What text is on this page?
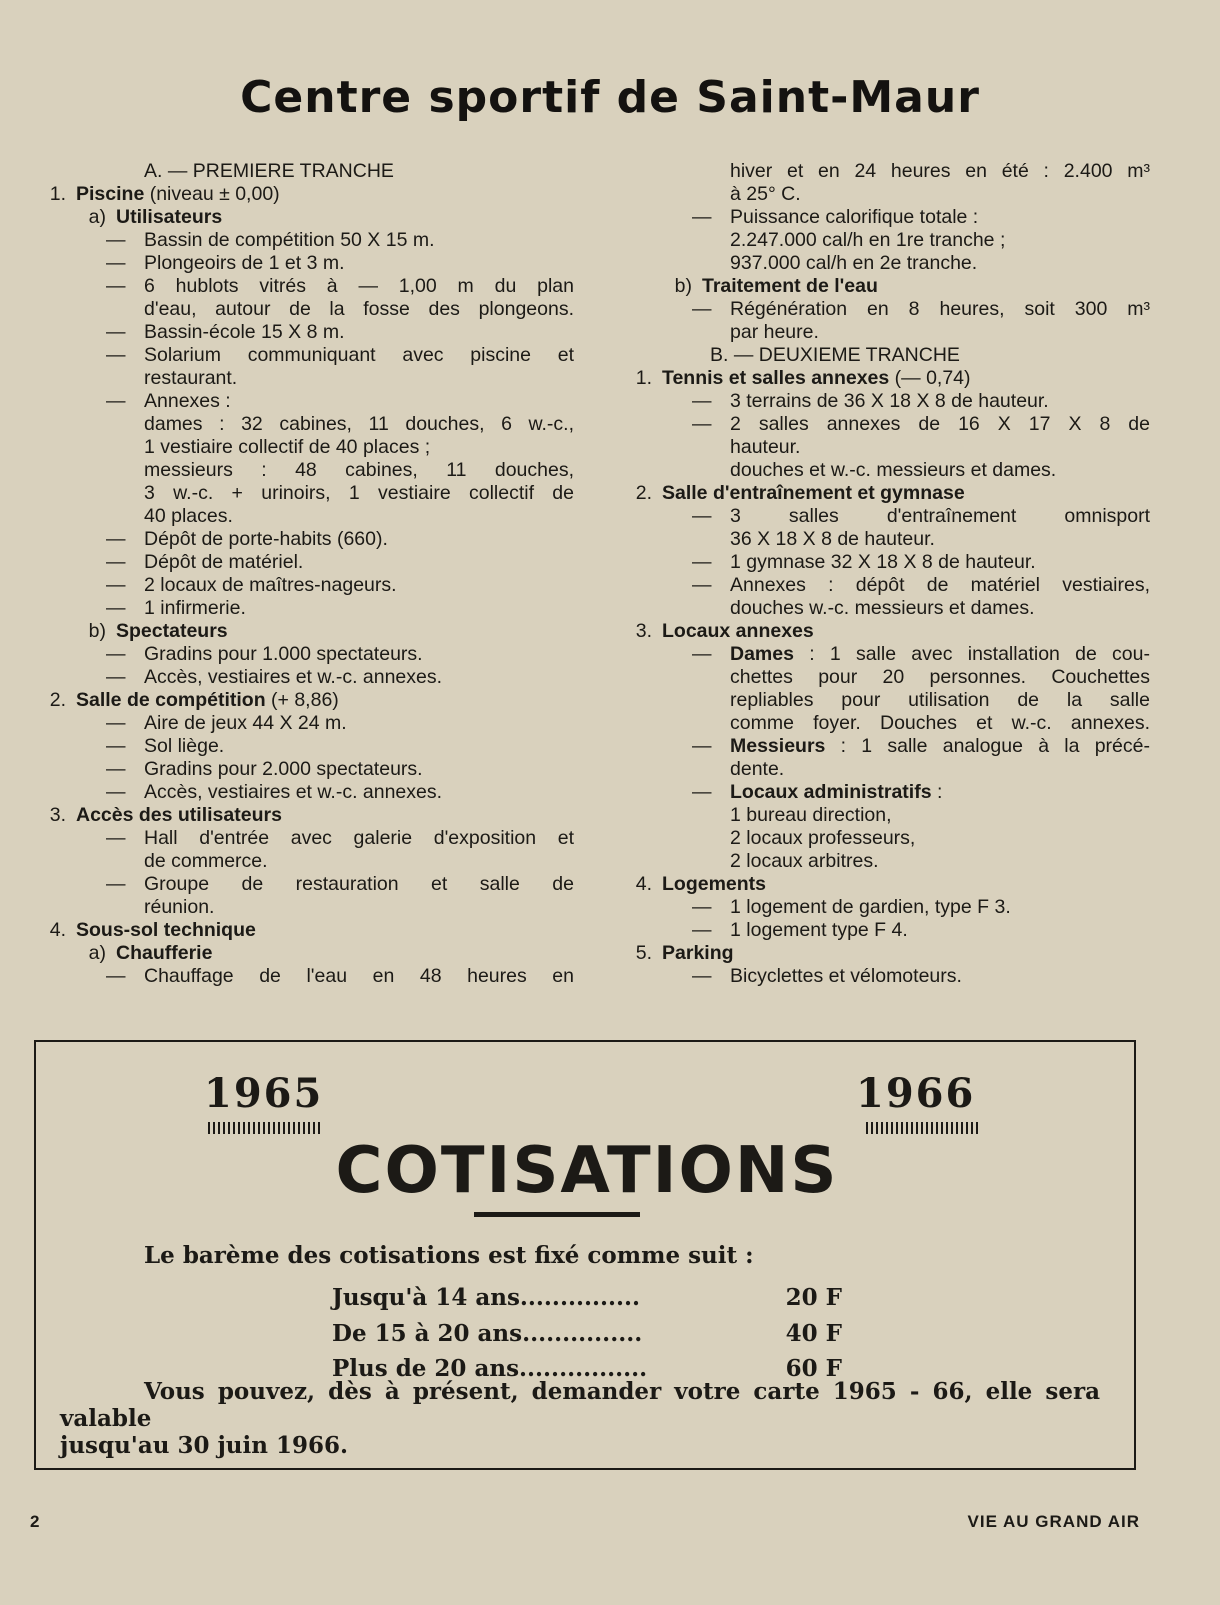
Centre sportif de Saint-Maur
A. — PREMIERE TRANCHE
1. Piscine (niveau ± 0,00)
a) Utilisateurs
— Bassin de compétition 50 X 15 m.
— Plongeoirs de 1 et 3 m.
— 6 hublots vitrés à — 1,00 m du plan
d'eau, autour de la fosse des plongeons.
— Bassin-école 15 X 8 m.
— Solarium communiquant avec piscine et
restaurant.
— Annexes :
dames : 32 cabines, 11 douches, 6 w.-c.,
1 vestiaire collectif de 40 places ;
messieurs : 48 cabines, 11 douches,
3 w.-c. + urinoirs, 1 vestiaire collectif de
40 places.
— Dépôt de porte-habits (660).
— Dépôt de matériel.
— 2 locaux de maîtres-nageurs.
— 1 infirmerie.
b) Spectateurs
— Gradins pour 1.000 spectateurs.
— Accès, vestiaires et w.-c. annexes.
2. Salle de compétition (+ 8,86)
— Aire de jeux 44 X 24 m.
— Sol liège.
— Gradins pour 2.000 spectateurs.
— Accès, vestiaires et w.-c. annexes.
3. Accès des utilisateurs
— Hall d'entrée avec galerie d'exposition et
de commerce.
— Groupe de restauration et salle de
réunion.
4. Sous-sol technique
a) Chaufferie
— Chauffage de l'eau en 48 heures en
hiver et en 24 heures en été : 2.400 m³
à 25° C.
— Puissance calorifique totale :
2.247.000 cal/h en 1re tranche ;
937.000 cal/h en 2e tranche.
b) Traitement de l'eau
— Régénération en 8 heures, soit 300 m³
par heure.
B. — DEUXIEME TRANCHE
1. Tennis et salles annexes (— 0,74)
— 3 terrains de 36 X 18 X 8 de hauteur.
— 2 salles annexes de 16 X 17 X 8 de
hauteur.
douches et w.-c. messieurs et dames.
2. Salle d'entraînement et gymnase
— 3 salles d'entraînement omnisport
36 X 18 X 8 de hauteur.
— 1 gymnase 32 X 18 X 8 de hauteur.
— Annexes : dépôt de matériel vestiaires,
douches w.-c. messieurs et dames.
3. Locaux annexes
— Dames : 1 salle avec installation de cou-
chettes pour 20 personnes. Couchettes
repliables pour utilisation de la salle
comme foyer. Douches et w.-c. annexes.
— Messieurs : 1 salle analogue à la précé-
dente.
— Locaux administratifs :
1 bureau direction,
2 locaux professeurs,
2 locaux arbitres.
4. Logements
— 1 logement de gardien, type F 3.
— 1 logement type F 4.
5. Parking
— Bicyclettes et vélomoteurs.
1965	1966
COTISATIONS
Le barème des cotisations est fixé comme suit :
Jusqu'à 14 ans...............	20 F
De 15 à 20 ans...............	40 F
Plus de 20 ans................	60 F
Vous pouvez, dès à présent, demander votre carte 1965 - 66, elle sera valable
jusqu'au 30 juin 1966.
2	VIE AU GRAND AIR
